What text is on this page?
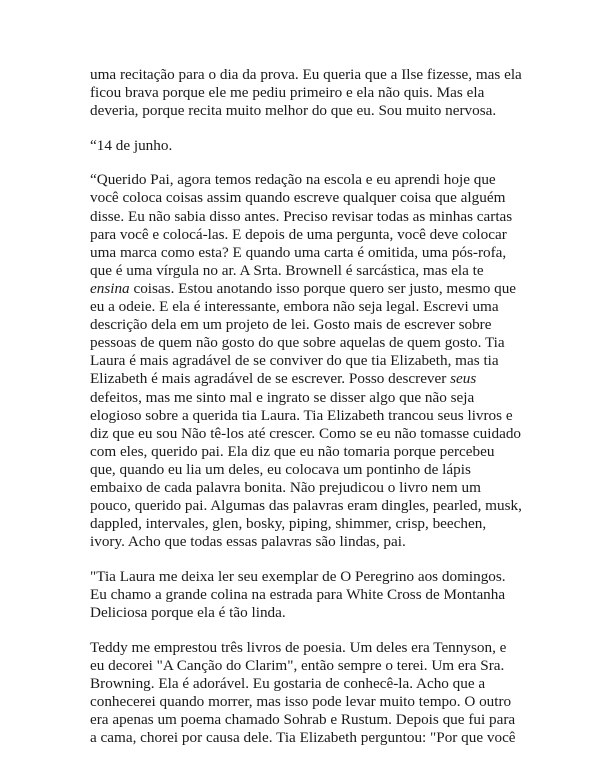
uma recitação para o dia da prova. Eu queria que a Ilse fizesse, mas ela
ficou brava porque ele me pediu primeiro e ela não quis. Mas ela
deveria, porque recita muito melhor do que eu. Sou muito nervosa.

“14 de junho.

“Querido Pai, agora temos redação na escola e eu aprendi hoje que
você coloca coisas assim quando escreve qualquer coisa que alguém
disse. Eu não sabia disso antes. Preciso revisar todas as minhas cartas
para você e colocá-las. E depois de uma pergunta, você deve colocar
uma marca como esta? E quando uma carta é omitida, uma pós-rofa,
que é uma vírgula no ar. A Srta. Brownell é sarcástica, mas ela te
ensina coisas. Estou anotando isso porque quero ser justo, mesmo que
eu a odeie. E ela é interessante, embora não seja legal. Escrevi uma
descrição dela em um projeto de lei. Gosto mais de escrever sobre
pessoas de quem não gosto do que sobre aquelas de quem gosto. Tia
Laura é mais agradável de se conviver do que tia Elizabeth, mas tia
Elizabeth é mais agradável de se escrever. Posso descrever seus
defeitos, mas me sinto mal e ingrato se disser algo que não seja
elogioso sobre a querida tia Laura. Tia Elizabeth trancou seus livros e
diz que eu sou Não tê-los até crescer. Como se eu não tomasse cuidado
com eles, querido pai. Ela diz que eu não tomaria porque percebeu
que, quando eu lia um deles, eu colocava um pontinho de lápis
embaixo de cada palavra bonita. Não prejudicou o livro nem um
pouco, querido pai. Algumas das palavras eram dingles, pearled, musk,
dappled, intervales, glen, bosky, piping, shimmer, crisp, beechen,
ivory. Acho que todas essas palavras são lindas, pai.

"Tia Laura me deixa ler seu exemplar de O Peregrino aos domingos.
Eu chamo a grande colina na estrada para White Cross de Montanha
Deliciosa porque ela é tão linda.

Teddy me emprestou três livros de poesia. Um deles era Tennyson, e
eu decorei "A Canção do Clarim", então sempre o terei. Um era Sra.
Browning. Ela é adorável. Eu gostaria de conhecê-la. Acho que a
conhecerei quando morrer, mas isso pode levar muito tempo. O outro
era apenas um poema chamado Sohrab e Rustum. Depois que fui para
a cama, chorei por causa dele. Tia Elizabeth perguntou: "Por que você
